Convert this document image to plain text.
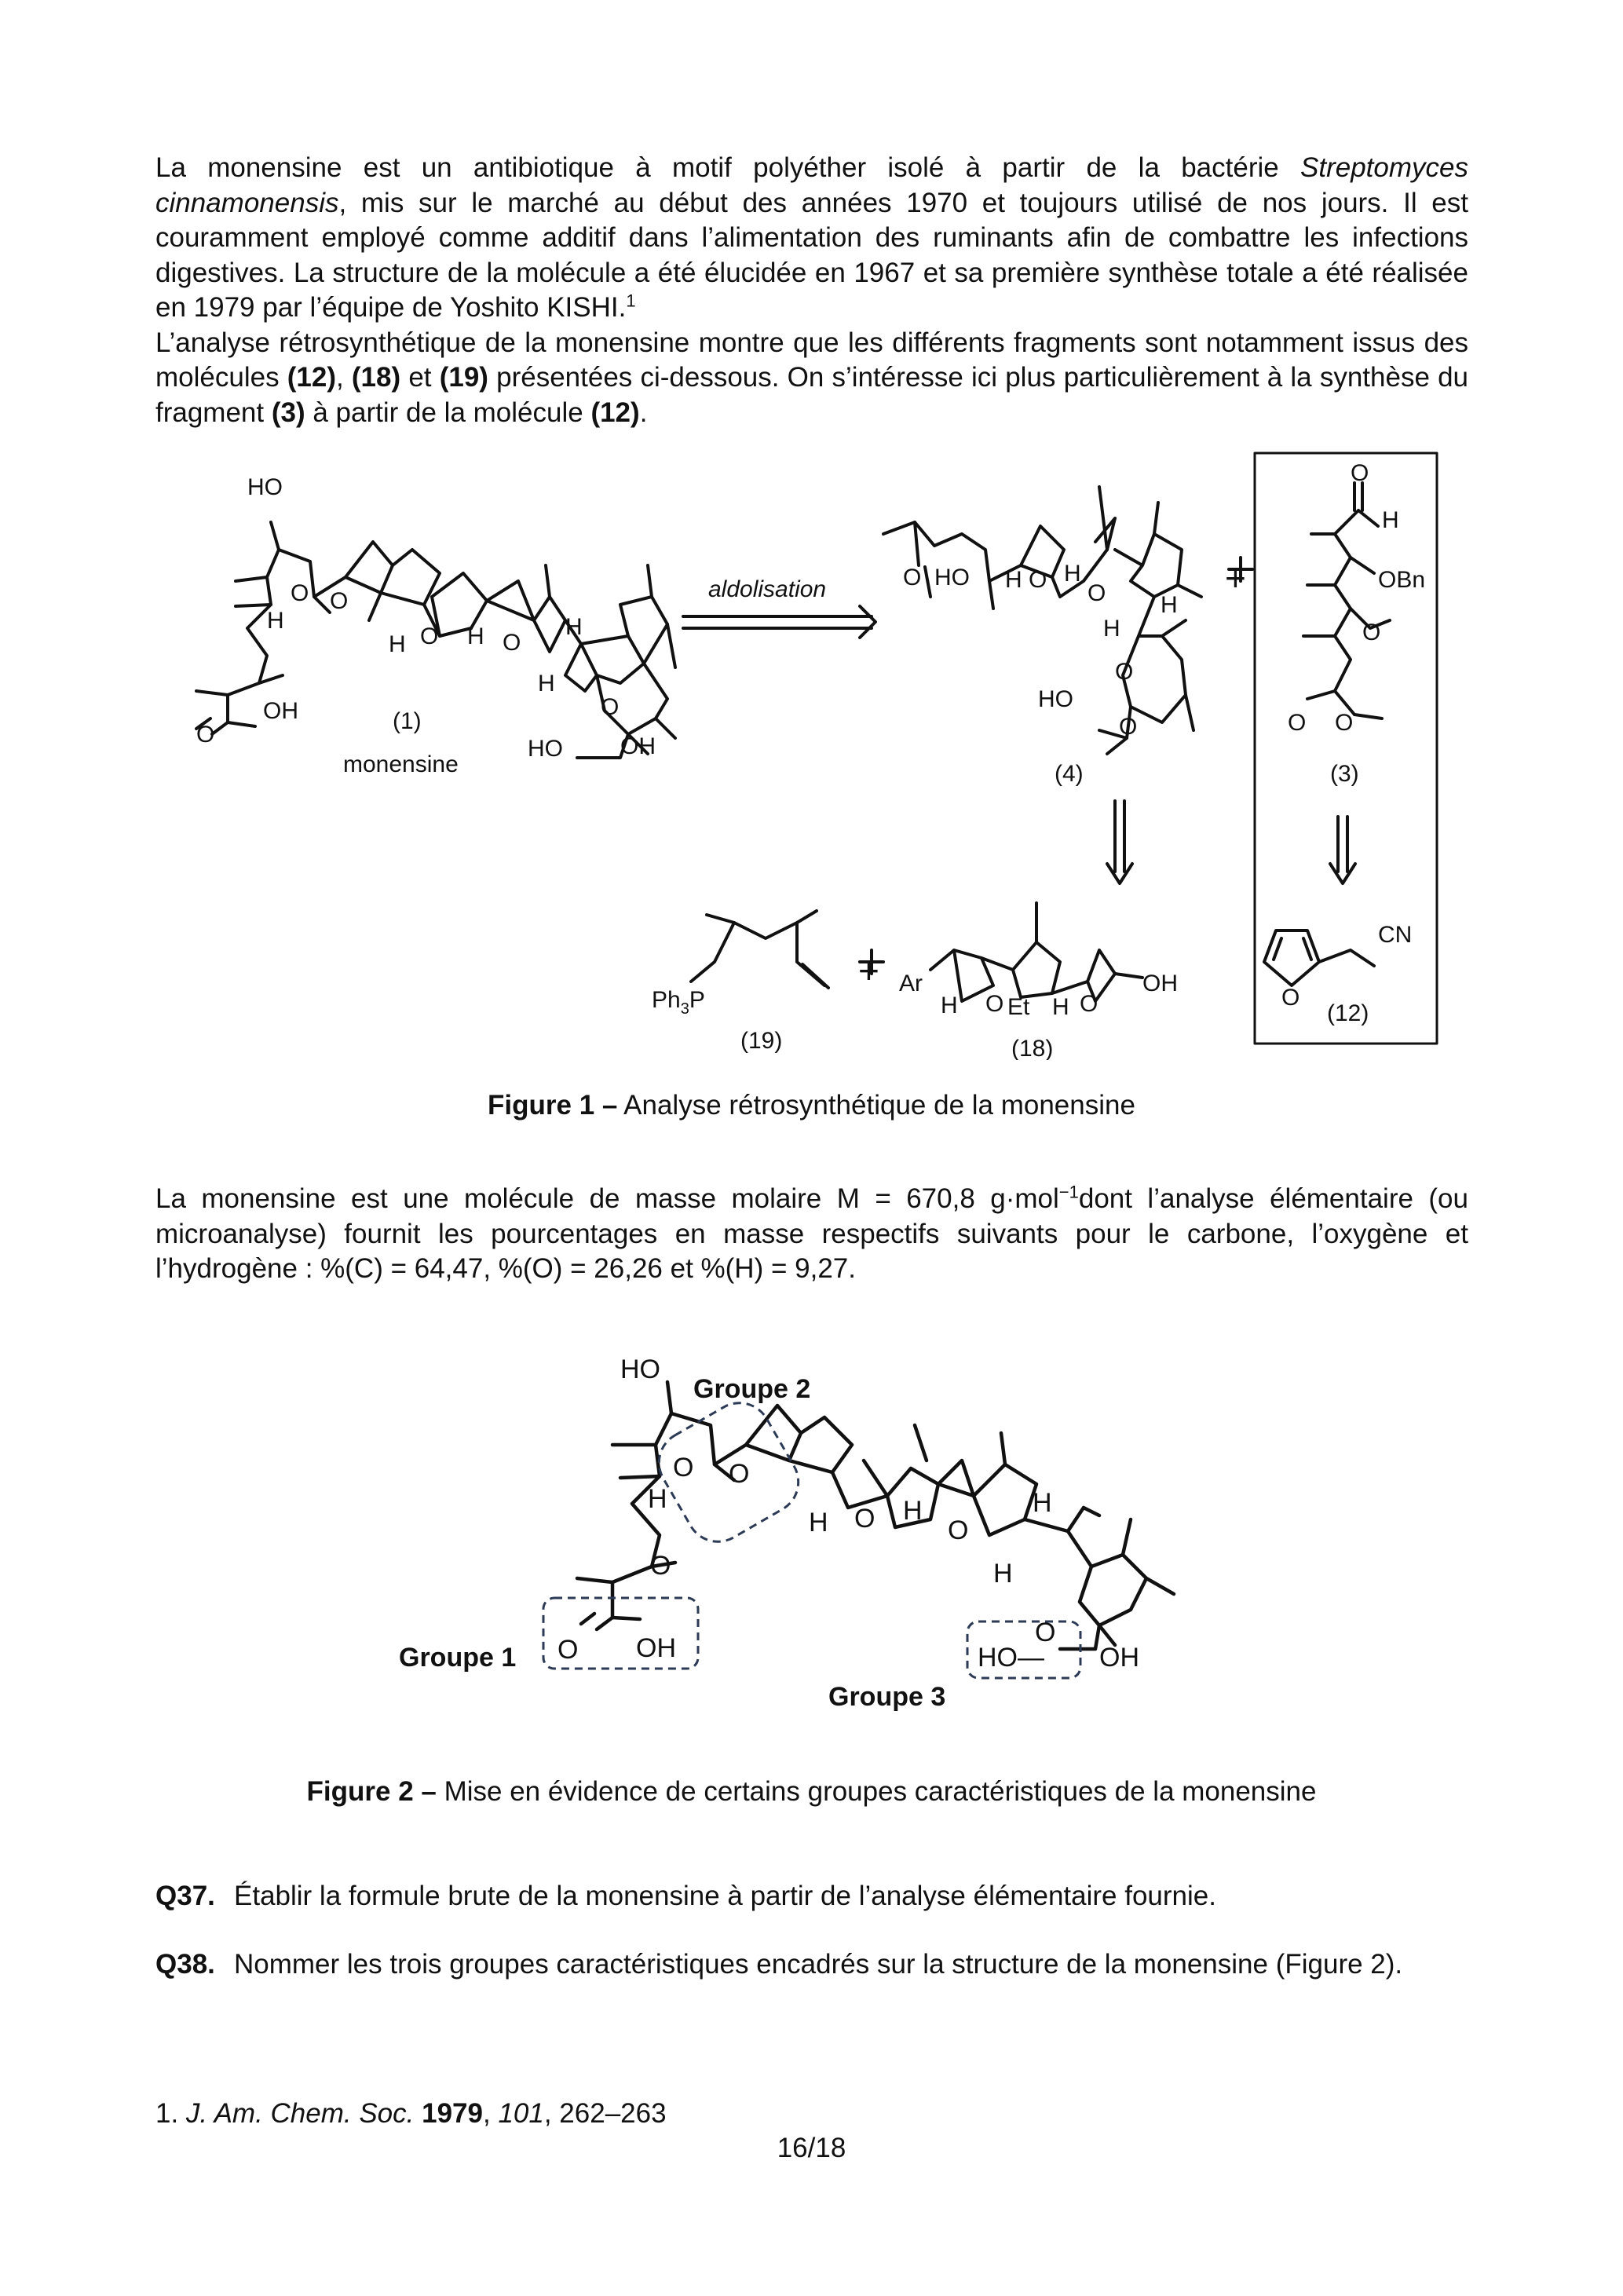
La monensine est un antibiotique à motif polyéther isolé à partir de la bactérie Streptomyces cinnamonensis, mis sur le marché au début des années 1970 et toujours utilisé de nos jours. Il est couramment employé comme additif dans l’alimentation des ruminants afin de combattre les infections digestives. La structure de la molécule a été élucidée en 1967 et sa première synthèse totale a été réalisée en 1979 par l’équipe de Yoshito KISHI.$^1$

L’analyse rétrosynthétique de la monensine montre que les différents fragments sont notamment issus des molécules (12), (18) et (19) présentées ci-dessous. On s’intéresse ici plus particulièrement à la synthèse du fragment (3) à partir de la molécule (12).

HO
O O
H
H O H O
H
H
OH
O
O
HO OH
(1)
monensine
aldolisation	O HO H O H
O H
H
O
HO
O
(4)
+
O
H
OBn
O
O O
(3)
O
CN
(12)
$Ph_3P$
(19)
+ Ar
H O Et H O
OH
(18)
Figure 1 – Analyse rétrosynthétique de la monensine

La monensine est une molécule de masse molaire M = 670,8 g·mol$^{-1}$dont l’analyse élémentaire (ou microanalyse) fournit les pourcentages en masse respectifs suivants pour le carbone, l’oxygène et l’hydrogène : %(C) = 64,47, %(O) = 26,26 et %(H) = 9,27.

HO
Groupe 2
O O
H
O
H O H
O
H
H
O
Groupe 1 O OH
Groupe 3
HO— OH
Figure 2 – Mise en évidence de certains groupes caractéristiques de la monensine
Q37. Établir la formule brute de la monensine à partir de l’analyse élémentaire fournie.
Q38. Nommer les trois groupes caractéristiques encadrés sur la structure de la monensine (Figure 2).
1. J. Am. Chem. Soc. 1979, 101, 262–263
16/18
